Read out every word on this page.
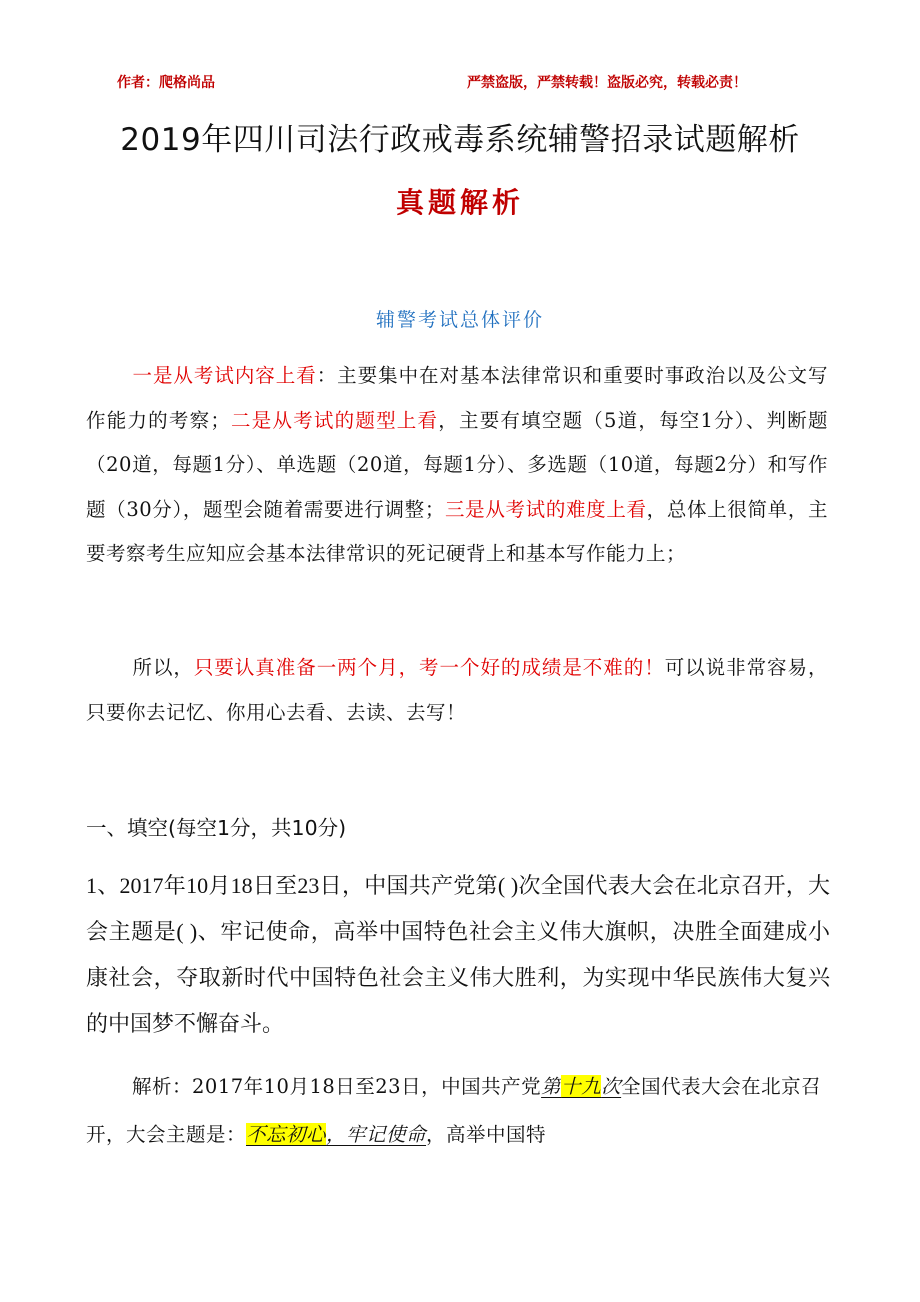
作者：爬格尚品	严禁盗版，严禁转载！盗版必究，转载必责！
2019年四川司法行政戒毒系统辅警招录试题解析
真题解析
辅警考试总体评价
一是从考试内容上看：主要集中在对基本法律常识和重要时事政治以及公文写作能力的考察；二是从考试的题型上看，主要有填空题（5道，每空1分）、判断题（20道，每题1分）、单选题（20道，每题1分）、多选题（10道，每题2分）和写作题（30分），题型会随着需要进行调整；三是从考试的难度上看，总体上很简单，主要考察考生应知应会基本法律常识的死记硬背上和基本写作能力上；
所以，只要认真准备一两个月，考一个好的成绩是不难的！可以说非常容易，只要你去记忆、你用心去看、去读、去写！
一、填空(每空1分，共10分)
1、2017年10月18日至23日，中国共产党第( )次全国代表大会在北京召开，大会主题是( )、牢记使命，高举中国特色社会主义伟大旗帜，决胜全面建成小康社会，夺取新时代中国特色社会主义伟大胜利，为实现中华民族伟大复兴的中国梦不懈奋斗。
解析：2017年10月18日至23日，中国共产党第十九次全国代表大会在北京召开，大会主题是：不忘初心，牢记使命，高举中国特
